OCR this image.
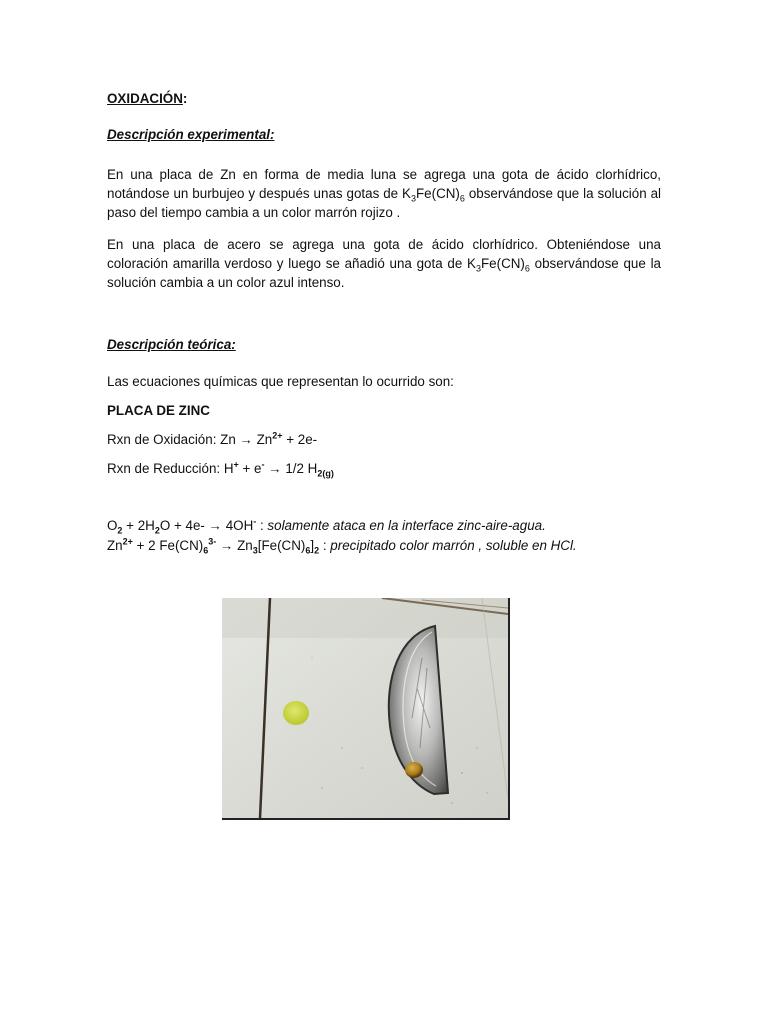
OXIDACIÓN:
Descripción experimental:
En una placa de Zn en forma de media luna se agrega una gota de ácido clorhídrico, notándose un burbujeo y después unas gotas de $K_3Fe(CN)_6$ observándose que la solución al paso del tiempo cambia a un color marrón rojizo .
En una placa de acero se agrega una gota de ácido clorhídrico. Obteniéndose una coloración amarilla verdoso y luego se añadió una gota de $K_3Fe(CN)_6$ observándose que la solución cambia a un color azul intenso.
Descripción teórica:
Las ecuaciones químicas que representan lo ocurrido son:
PLACA DE ZINC
Rxn de Oxidación: $Zn \to Zn^{2+} + 2e-$
Rxn de Reducción: H+ + e- → 1/2 $H_{2(g)}$
$O_2 + 2H_2O + 4e- \to 4OH^-$ : solamente ataca en la interface zinc-aire-agua.
$Zn^{2+} + 2$ $Fe(CN)_6^{3-} \to Zn_3[Fe(CN)_6]_2$ : precipitado color marrón , soluble en HCl.
